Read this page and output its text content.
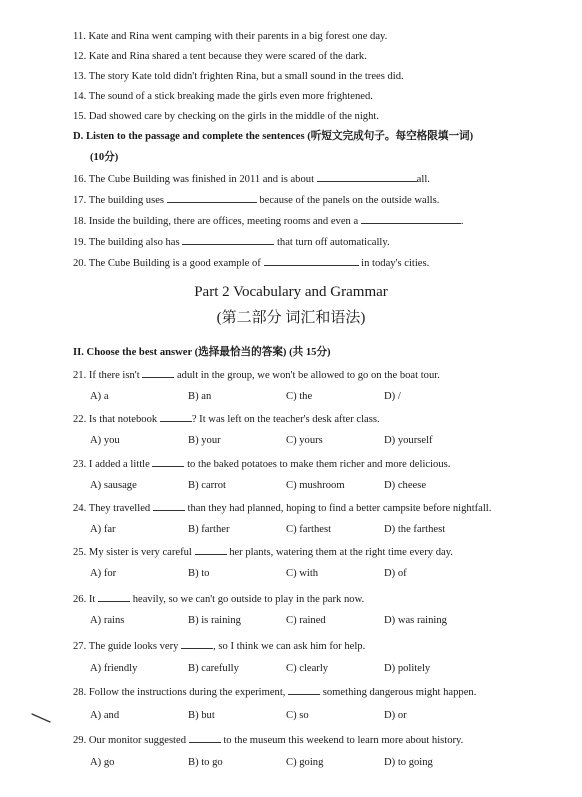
11. Kate and Rina went camping with their parents in a big forest one day.
12. Kate and Rina shared a tent because they were scared of the dark.
13. The story Kate told didn't frighten Rina, but a small sound in the trees did.
14. The sound of a stick breaking made the girls even more frightened.
15. Dad showed care by checking on the girls in the middle of the night.
D. Listen to the passage and complete the sentences (听短文完成句子。每空格限填一词)
(10分)
16. The Cube Building was finished in 2011 and is about	all.
17. The building uses	because of the panels on the outside walls.
18. Inside the building, there are offices, meeting rooms and even a	.
19. The building also has	that turn off automatically.
20. The Cube Building is a good example of	in today's cities.
Part 2 Vocabulary and Grammar
(第二部分 词汇和语法)
II. Choose the best answer (选择最恰当的答案) (共 15分)
21. If there isn't	adult in the group, we won't be allowed to go on the boat tour.
A) a	B) an	C) the	D) /
22. Is that notebook	? It was left on the teacher's desk after class.
A) you	B) your	C) yours	D) yourself
23. I added a little	to the baked potatoes to make them richer and more delicious.
A) sausage	B) carrot	C) mushroom	D) cheese
24. They travelled	than they had planned, hoping to find a better campsite before nightfall.
A) far	B) farther	C) farthest	D) the farthest
25. My sister is very careful	her plants, watering them at the right time every day.
A) for	B) to	C) with	D) of
26. It	heavily, so we can't go outside to play in the park now.
A) rains	B) is raining	C) rained	D) was raining
27. The guide looks very	, so I think we can ask him for help.
A) friendly	B) carefully	C) clearly	D) politely
28. Follow the instructions during the experiment,	something dangerous might happen.
A) and	B) but	C) so	D) or
29. Our monitor suggested	to the museum this weekend to learn more about history.
A) go	B) to go	C) going	D) to going
